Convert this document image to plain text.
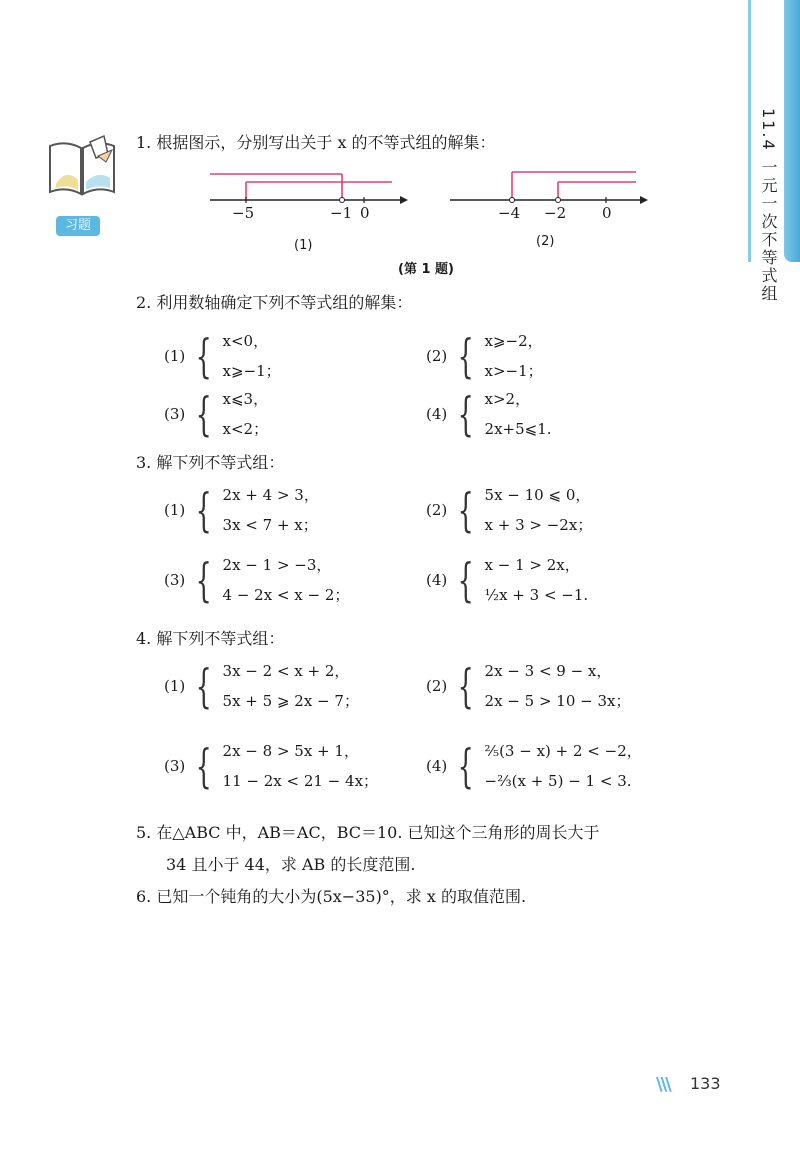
11.4 一元一次不等式组
习题
1. 根据图示，分别写出关于 x 的不等式组的解集：
−5	−1 0
(1)
−4 −2 0
(2)
(第 1 题)
2. 利用数轴确定下列不等式组的解集：
(1) { x<0，
x⩾−1；
(2) { x⩾−2，
x>−1；
(3) { x⩽3，
x<2；
(4) { x>2，
2x+5⩽1.
3. 解下列不等式组：
(1) { 2x + 4 > 3，
3x < 7 + x；
(2) { 5x − 10 ⩽ 0，
x + 3 > −2x；
(3) { 2x − 1 > −3，
4 − 2x < x − 2；
(4) { x − 1 > 2x，
½x + 3 < −1.
4. 解下列不等式组：
(1) { 3x − 2 < x + 2，
5x + 5 ⩾ 2x − 7；
(2) { 2x − 3 < 9 − x，
2x − 5 > 10 − 3x；
(3) { 2x − 8 > 5x + 1，
11 − 2x < 21 − 4x；
(4) { ⅖(3 − x) + 2 < −2，
−⅔(x + 5) − 1 < 3.
5. 在△ABC 中，AB＝AC，BC＝10. 已知这个三角形的周长大于
34 且小于 44，求 AB 的长度范围.
6. 已知一个钝角的大小为(5x−35)°，求 x 的取值范围.
\\\ 133
